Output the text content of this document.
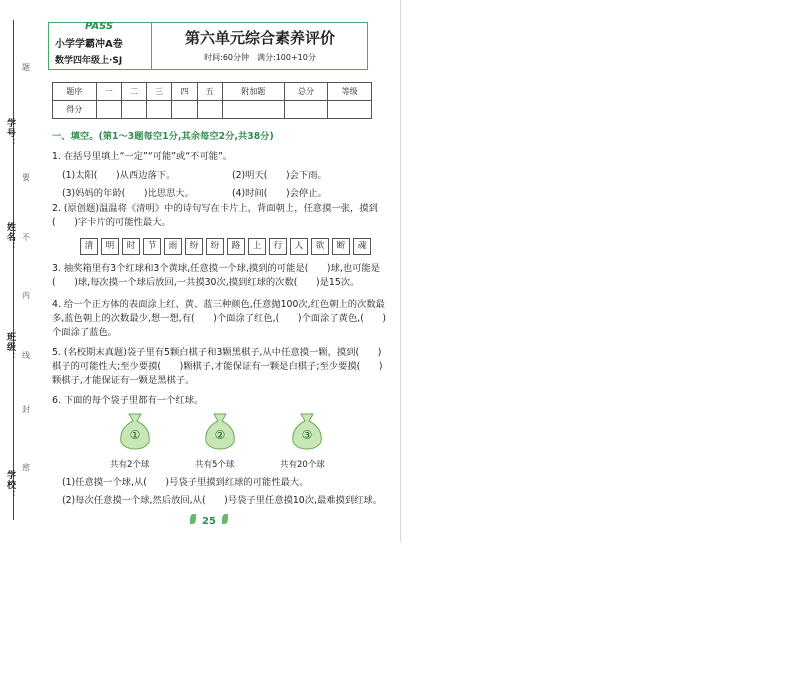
学号：
姓名：
班级：
学校：
题
要
不
内
线
封
密
PASS
小学学霸冲A卷
数学四年级上·SJ
第六单元综合素养评价
时间:60分钟　满分:100+10分
题序	一	二	三	四	五	附加题	总分	等级
得分								
一、填空。(第1～3题每空1分,其余每空2分,共38分)
1. 在括号里填上“一定”“可能”或“不可能”。
(1)太阳(　　)从西边落下。	(2)明天(　　)会下雨。
(3)妈妈的年龄(　　)比思思大。	(4)时间(　　)会停止。
2. (原创题)温温将《清明》中的诗句写在卡片上，背面朝上，任意摸一张，摸到(　　)字卡片的可能性最大。
清	明	时	节	雨	纷	纷	路	上	行	人	欲	断	魂
3. 抽奖箱里有3个红球和3个黄球,任意摸一个球,摸到的可能是(　　)球,也可能是(　　)球,每次摸一个球后放回,一共摸30次,摸到红球的次数(　　)是15次。
4. 给一个正方体的表面涂上红、黄、蓝三种颜色,任意抛100次,红色朝上的次数最多,蓝色朝上的次数最少,想一想,有(　　)个面涂了红色,(　　)个面涂了黄色,(　　)个面涂了蓝色。
5. (名校期末真题)袋子里有5颗白棋子和3颗黑棋子,从中任意摸一颗，摸到(　　)棋子的可能性大;至少要摸(　　)颗棋子,才能保证有一颗是白棋子;至少要摸(　　)颗棋子,才能保证有一颗是黑棋子。
6. 下面的每个袋子里都有一个红球。
①	②	③
共有2个球	共有5个球	共有20个球
(1)任意摸一个球,从(　　)号袋子里摸到红球的可能性最大。
(2)每次任意摸一个球,然后放回,从(　　)号袋子里任意摸10次,最难摸到红球。
25
